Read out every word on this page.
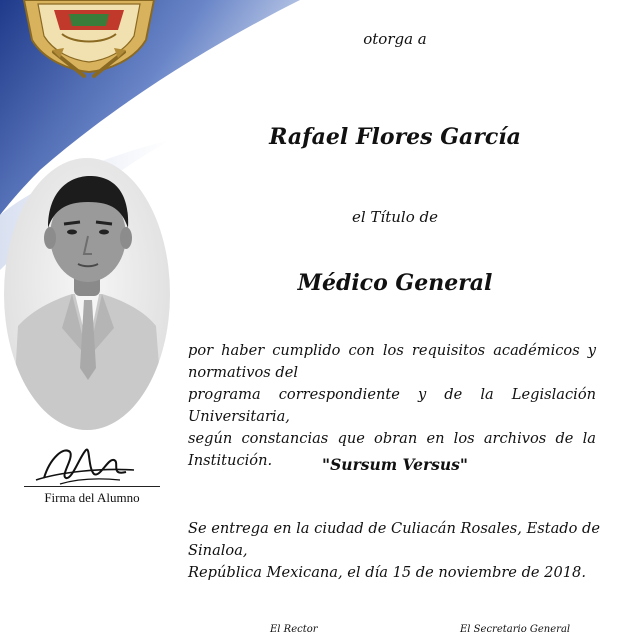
otorga a
Rafael Flores García
el Título de
Médico General
por haber cumplido con los requisitos académicos y normativos del
programa correspondiente y de la Legislación Universitaria,
según constancias que obran en los archivos de la Institución.	"Sursum Versus"
Se entrega en la ciudad de Culiacán Rosales, Estado de Sinaloa,
República Mexicana, el día 15 de noviembre de 2018.
Firma del Alumno
El Rector	El Secretario General
